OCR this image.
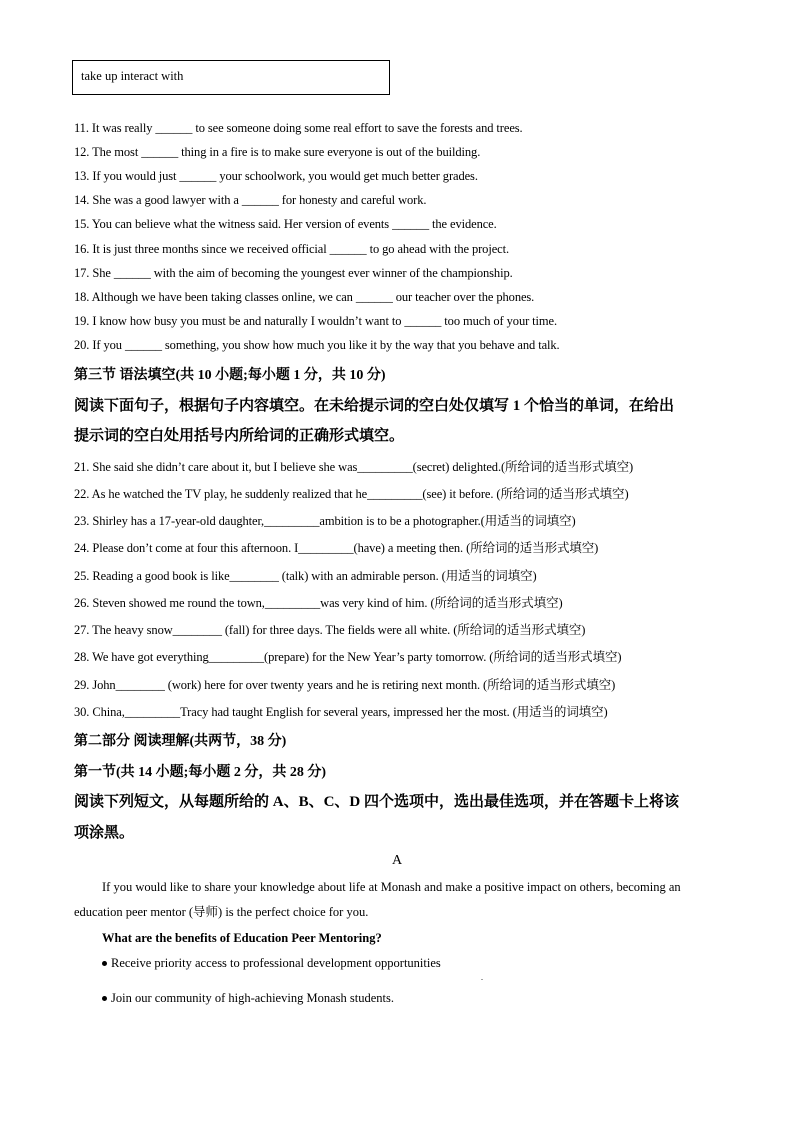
take up interact with
11. It was really ______ to see someone doing some real effort to save the forests and trees.
12. The most ______ thing in a fire is to make sure everyone is out of the building.
13. If you would just ______ your schoolwork, you would get much better grades.
14. She was a good lawyer with a ______ for honesty and careful work.
15. You can believe what the witness said. Her version of events ______ the evidence.
16. It is just three months since we received official ______ to go ahead with the project.
17. She ______ with the aim of becoming the youngest ever winner of the championship.
18. Although we have been taking classes online, we can ______ our teacher over the phones.
19. I know how busy you must be and naturally I wouldn’t want to ______ too much of your time.
20. If you ______ something, you show how much you like it by the way that you behave and talk.
第三节 语法填空(共 10 小题;每小题 1 分，共 10 分)
阅读下面句子，根据句子内容填空。在未给提示词的空白处仅填写 1 个恰当的单词，在给出
提示词的空白处用括号内所给词的正确形式填空。
21. She said she didn’t care about it, but I believe she was_________(secret) delighted.(所给词的适当形式填空)
22. As he watched the TV play, he suddenly realized that he_________(see) it before. (所给词的适当形式填空)
23. Shirley has a 17-year-old daughter,_________ambition is to be a photographer.(用适当的词填空)
24. Please don’t come at four this afternoon. I_________(have) a meeting then. (所给词的适当形式填空)
25. Reading a good book is like________ (talk) with an admirable person. (用适当的词填空)
26. Steven showed me round the town,_________was very kind of him. (所给词的适当形式填空)
27. The heavy snow________ (fall) for three days. The fields were all white. (所给词的适当形式填空)
28. We have got everything_________(prepare) for the New Year’s party tomorrow. (所给词的适当形式填空)
29. John________ (work) here for over twenty years and he is retiring next month. (所给词的适当形式填空)
30. China,_________Tracy had taught English for several years, impressed her the most. (用适当的词填空)
第二部分 阅读理解(共两节，38 分)
第一节(共 14 小题;每小题 2 分，共 28 分)
阅读下列短文，从每题所给的 A、B、C、D 四个选项中，选出最佳选项，并在答题卡上将该
项涂黑。
A
If you would like to share your knowledge about life at Monash and make a positive impact on others, becoming an education peer mentor (导师) is the perfect choice for you.
What are the benefits of Education Peer Mentoring?
Receive priority access to professional development opportunities
.
Join our community of high-achieving Monash students.
